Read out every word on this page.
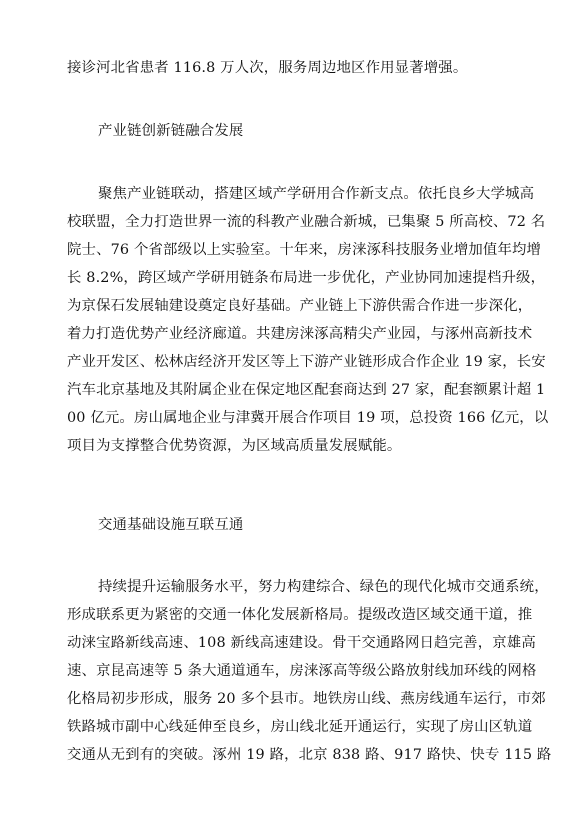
接诊河北省患者 116.8 万人次，服务周边地区作用显著增强。
产业链创新链融合发展
聚焦产业链联动，搭建区域产学研用合作新支点。依托良乡大学城高
校联盟，全力打造世界一流的科教产业融合新城，已集聚 5 所高校、72 名
院士、76 个省部级以上实验室。十年来，房涞涿科技服务业增加值年均增
长 8.2%，跨区域产学研用链条布局进一步优化，产业协同加速提档升级，
为京保石发展轴建设奠定良好基础。产业链上下游供需合作进一步深化，
着力打造优势产业经济廊道。共建房涞涿高精尖产业园，与涿州高新技术
产业开发区、松林店经济开发区等上下游产业链形成合作企业 19 家，长安
汽车北京基地及其附属企业在保定地区配套商达到 27 家，配套额累计超 1
00 亿元。房山属地企业与津冀开展合作项目 19 项，总投资 166 亿元，以
项目为支撑整合优势资源，为区域高质量发展赋能。
交通基础设施互联互通
持续提升运输服务水平，努力构建综合、绿色的现代化城市交通系统，
形成联系更为紧密的交通一体化发展新格局。提级改造区域交通干道，推
动涞宝路新线高速、108 新线高速建设。骨干交通路网日趋完善，京雄高
速、京昆高速等 5 条大通道通车，房涞涿高等级公路放射线加环线的网格
化格局初步形成，服务 20 多个县市。地铁房山线、燕房线通车运行，市郊
铁路城市副中心线延伸至良乡，房山线北延开通运行，实现了房山区轨道
交通从无到有的突破。涿州 19 路，北京 838 路、917 路快、快专 115 路
